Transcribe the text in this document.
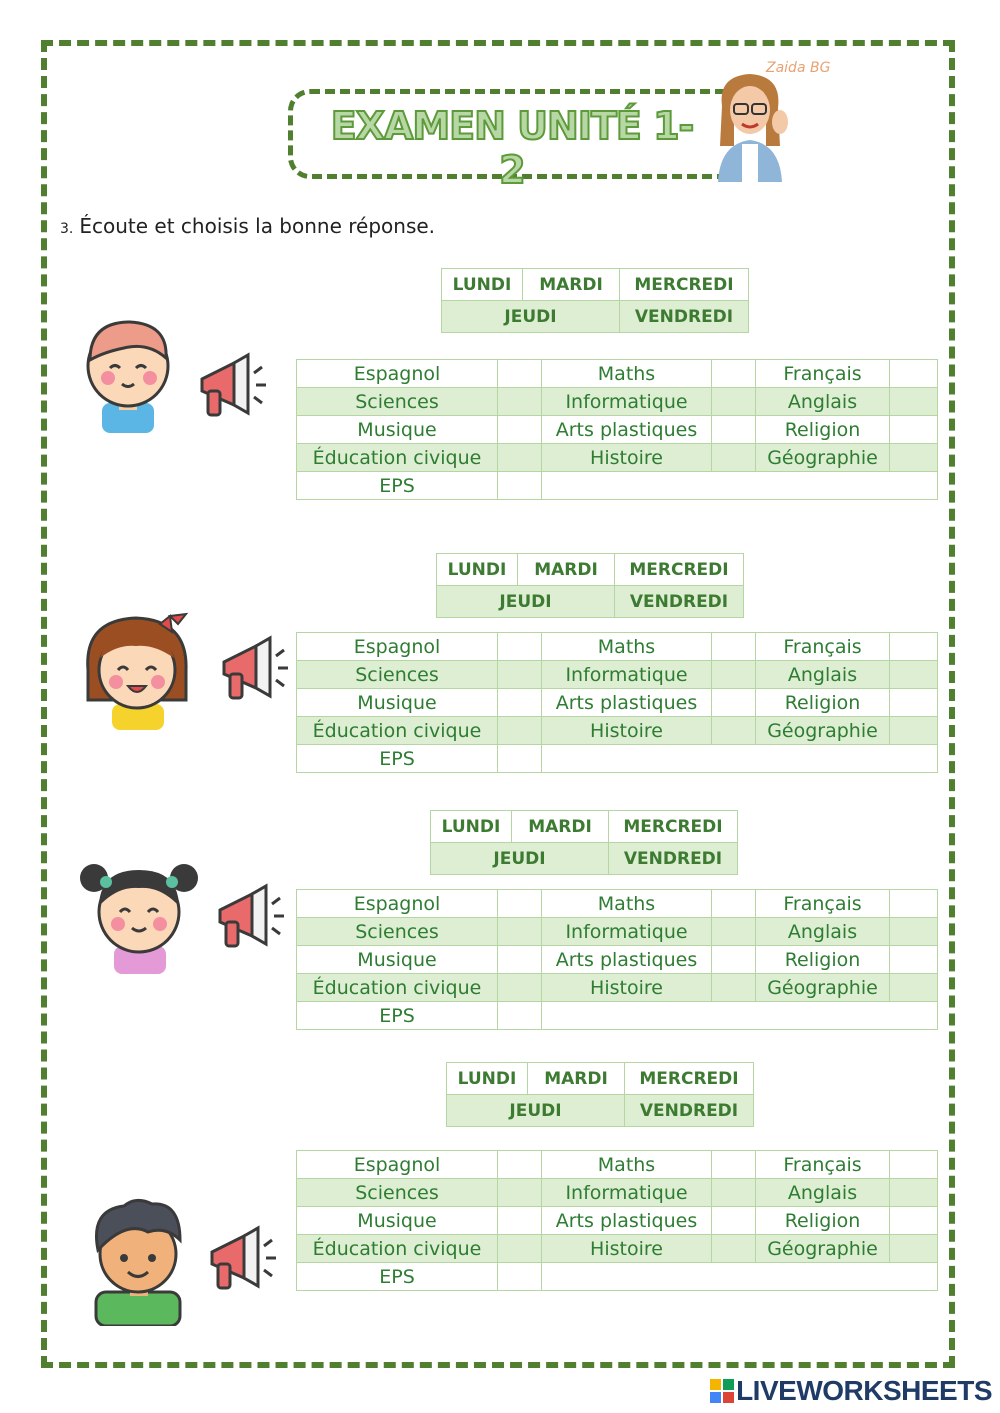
EXAMEN UNITÉ 1- 2
Zaida BG
3. Écoute et choisis la bonne réponse.
LUNDI	MARDI	MERCREDI
JEUDI		VENDREDI
Espagnol		Maths		Français	
Sciences		Informatique		Anglais	
Musique		Arts plastiques		Religion	
Éducation civique		Histoire		Géographie	
EPS					
LUNDI	MARDI	MERCREDI
JEUDI		VENDREDI
Espagnol		Maths		Français	
Sciences		Informatique		Anglais	
Musique		Arts plastiques		Religion	
Éducation civique		Histoire		Géographie	
EPS					
LUNDI	MARDI	MERCREDI
JEUDI		VENDREDI
Espagnol		Maths		Français	
Sciences		Informatique		Anglais	
Musique		Arts plastiques		Religion	
Éducation civique		Histoire		Géographie	
EPS					
LUNDI	MARDI	MERCREDI
JEUDI		VENDREDI
Espagnol		Maths		Français	
Sciences		Informatique		Anglais	
Musique		Arts plastiques		Religion	
Éducation civique		Histoire		Géographie	
EPS					
LIVEWORKSHEETS
